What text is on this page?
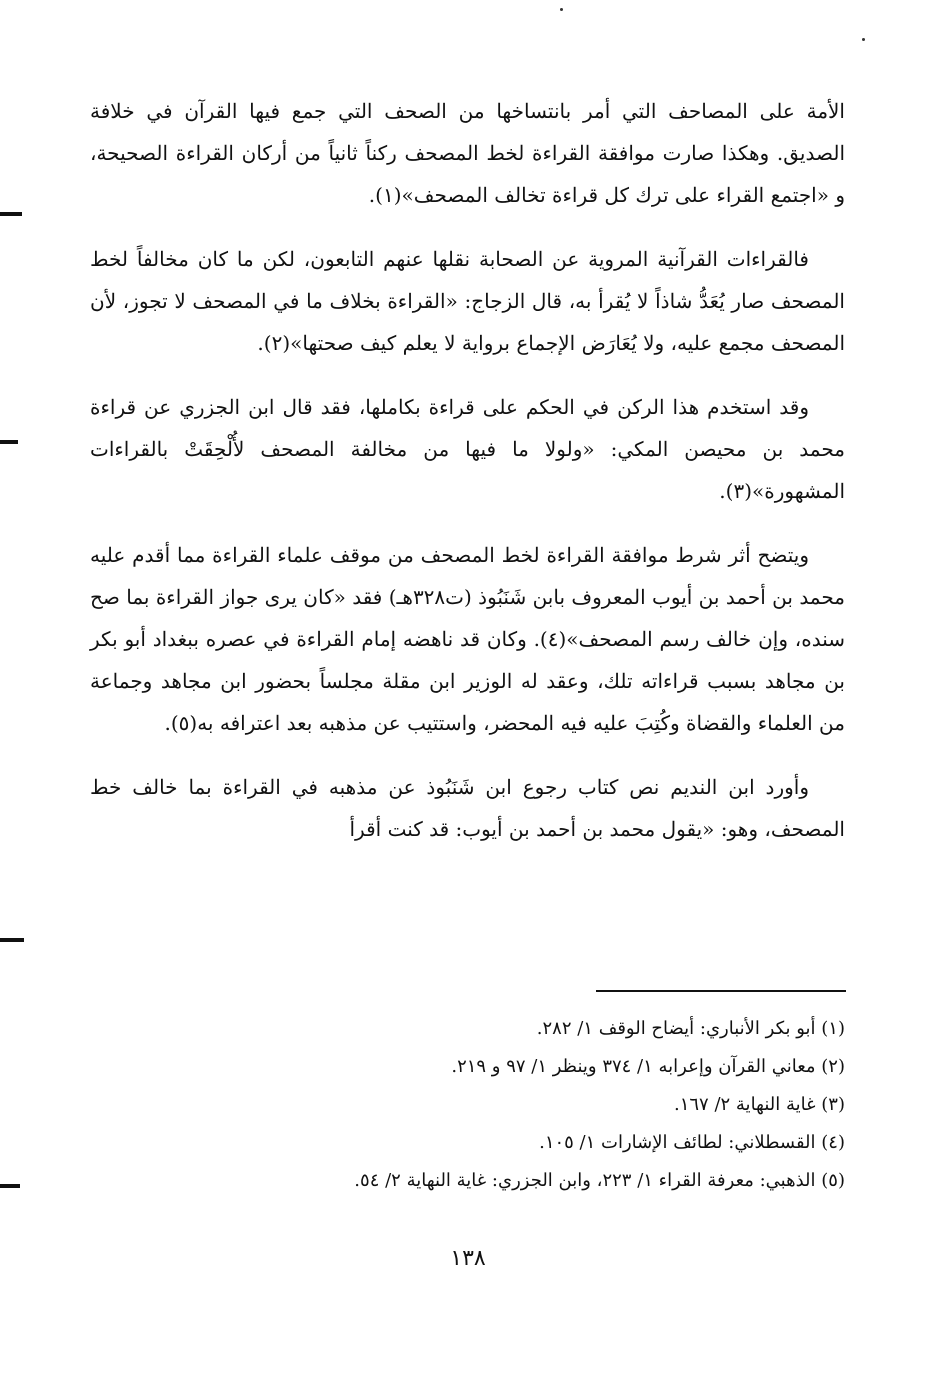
الأمة على المصاحف التي أمر بانتساخها من الصحف التي جمع فيها القرآن في خلافة الصديق. وهكذا صارت موافقة القراءة لخط المصحف ركناً ثانياً من أركان القراءة الصحيحة، و «اجتمع القراء على ترك كل قراءة تخالف المصحف»(١).

فالقراءات القرآنية المروية عن الصحابة نقلها عنهم التابعون، لكن ما كان مخالفاً لخط المصحف صار يُعَدُّ شاذاً لا يُقرأ به، قال الزجاج: «القراءة بخلاف ما في المصحف لا تجوز، لأن المصحف مجمع عليه، ولا يُعَارَض الإجماع برواية لا يعلم كيف صحتها»(٢).

وقد استخدم هذا الركن في الحكم على قراءة بكاملها، فقد قال ابن الجزري عن قراءة محمد بن محيصن المكي: «ولولا ما فيها من مخالفة المصحف لأُلْحِقَتْ بالقراءات المشهورة»(٣).

ويتضح أثر شرط موافقة القراءة لخط المصحف من موقف علماء القراءة مما أقدم عليه محمد بن أحمد بن أيوب المعروف بابن شَنَبُوذ (ت٣٢٨هـ) فقد «كان يرى جواز القراءة بما صح سنده، وإن خالف رسم المصحف»(٤). وكان قد ناهضه إمام القراءة في عصره ببغداد أبو بكر بن مجاهد بسبب قراءاته تلك، وعقد له الوزير ابن مقلة مجلساً بحضور ابن مجاهد وجماعة من العلماء والقضاة وكُتِبَ عليه فيه المحضر، واستتيب عن مذهبه بعد اعترافه به(٥).

وأورد ابن النديم نص كتاب رجوع ابن شَنَبُوذ عن مذهبه في القراءة بما خالف خط المصحف، وهو: «يقول محمد بن أحمد بن أيوب: قد كنت أقرأ

(١) أبو بكر الأنباري: أيضاح الوقف ١/ ٢٨٢.

(٢) معاني القرآن وإعرابه ١/ ٣٧٤ وينظر ١/ ٩٧ و ٢١٩.

(٣) غاية النهاية ٢/ ١٦٧.

(٤) القسطلاني: لطائف الإشارات ١/ ١٠٥.

(٥) الذهبي: معرفة القراء ١/ ٢٢٣، وابن الجزري: غاية النهاية ٢/ ٥٤.

١٣٨
